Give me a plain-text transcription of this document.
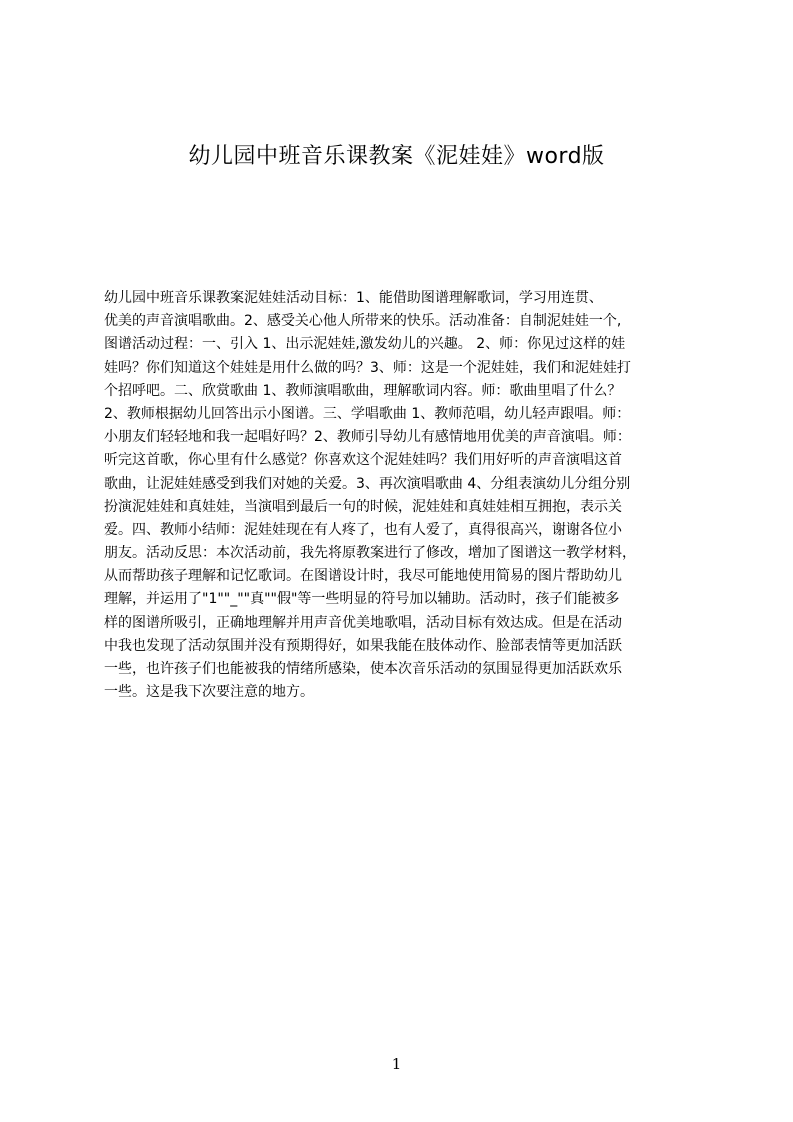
幼儿园中班音乐课教案《泥娃娃》word版
幼儿园中班音乐课教案泥娃娃活动目标：1、能借助图谱理解歌词，学习用连贯、
优美的声音演唱歌曲。2、感受关心他人所带来的快乐。活动准备：自制泥娃娃一个,
图谱活动过程：一、引入 1、出示泥娃娃,激发幼儿的兴趣。 2、师：你见过这样的娃
娃吗？你们知道这个娃娃是用什么做的吗？3、师：这是一个泥娃娃，我们和泥娃娃打
个招呼吧。二、欣赏歌曲 1、教师演唱歌曲，理解歌词内容。师：歌曲里唱了什么？
2、教师根据幼儿回答出示小图谱。三、学唱歌曲 1、教师范唱，幼儿轻声跟唱。师：
小朋友们轻轻地和我一起唱好吗？2、教师引导幼儿有感情地用优美的声音演唱。师：
听完这首歌，你心里有什么感觉？你喜欢这个泥娃娃吗？我们用好听的声音演唱这首
歌曲，让泥娃娃感受到我们对她的关爱。3、再次演唱歌曲 4、分组表演幼儿分组分别
扮演泥娃娃和真娃娃，当演唱到最后一句的时候，泥娃娃和真娃娃相互拥抱，表示关
爱。四、教师小结师：泥娃娃现在有人疼了，也有人爱了，真得很高兴，谢谢各位小
朋友。活动反思：本次活动前，我先将原教案进行了修改，增加了图谱这一教学材料，
从而帮助孩子理解和记忆歌词。在图谱设计时，我尽可能地使用简易的图片帮助幼儿
理解，并运用了"1""_""真""假"等一些明显的符号加以辅助。活动时，孩子们能被多
样的图谱所吸引，正确地理解并用声音优美地歌唱，活动目标有效达成。但是在活动
中我也发现了活动氛围并没有预期得好，如果我能在肢体动作、脸部表情等更加活跃
一些，也许孩子们也能被我的情绪所感染，使本次音乐活动的氛围显得更加活跃欢乐
一些。这是我下次要注意的地方。
1
